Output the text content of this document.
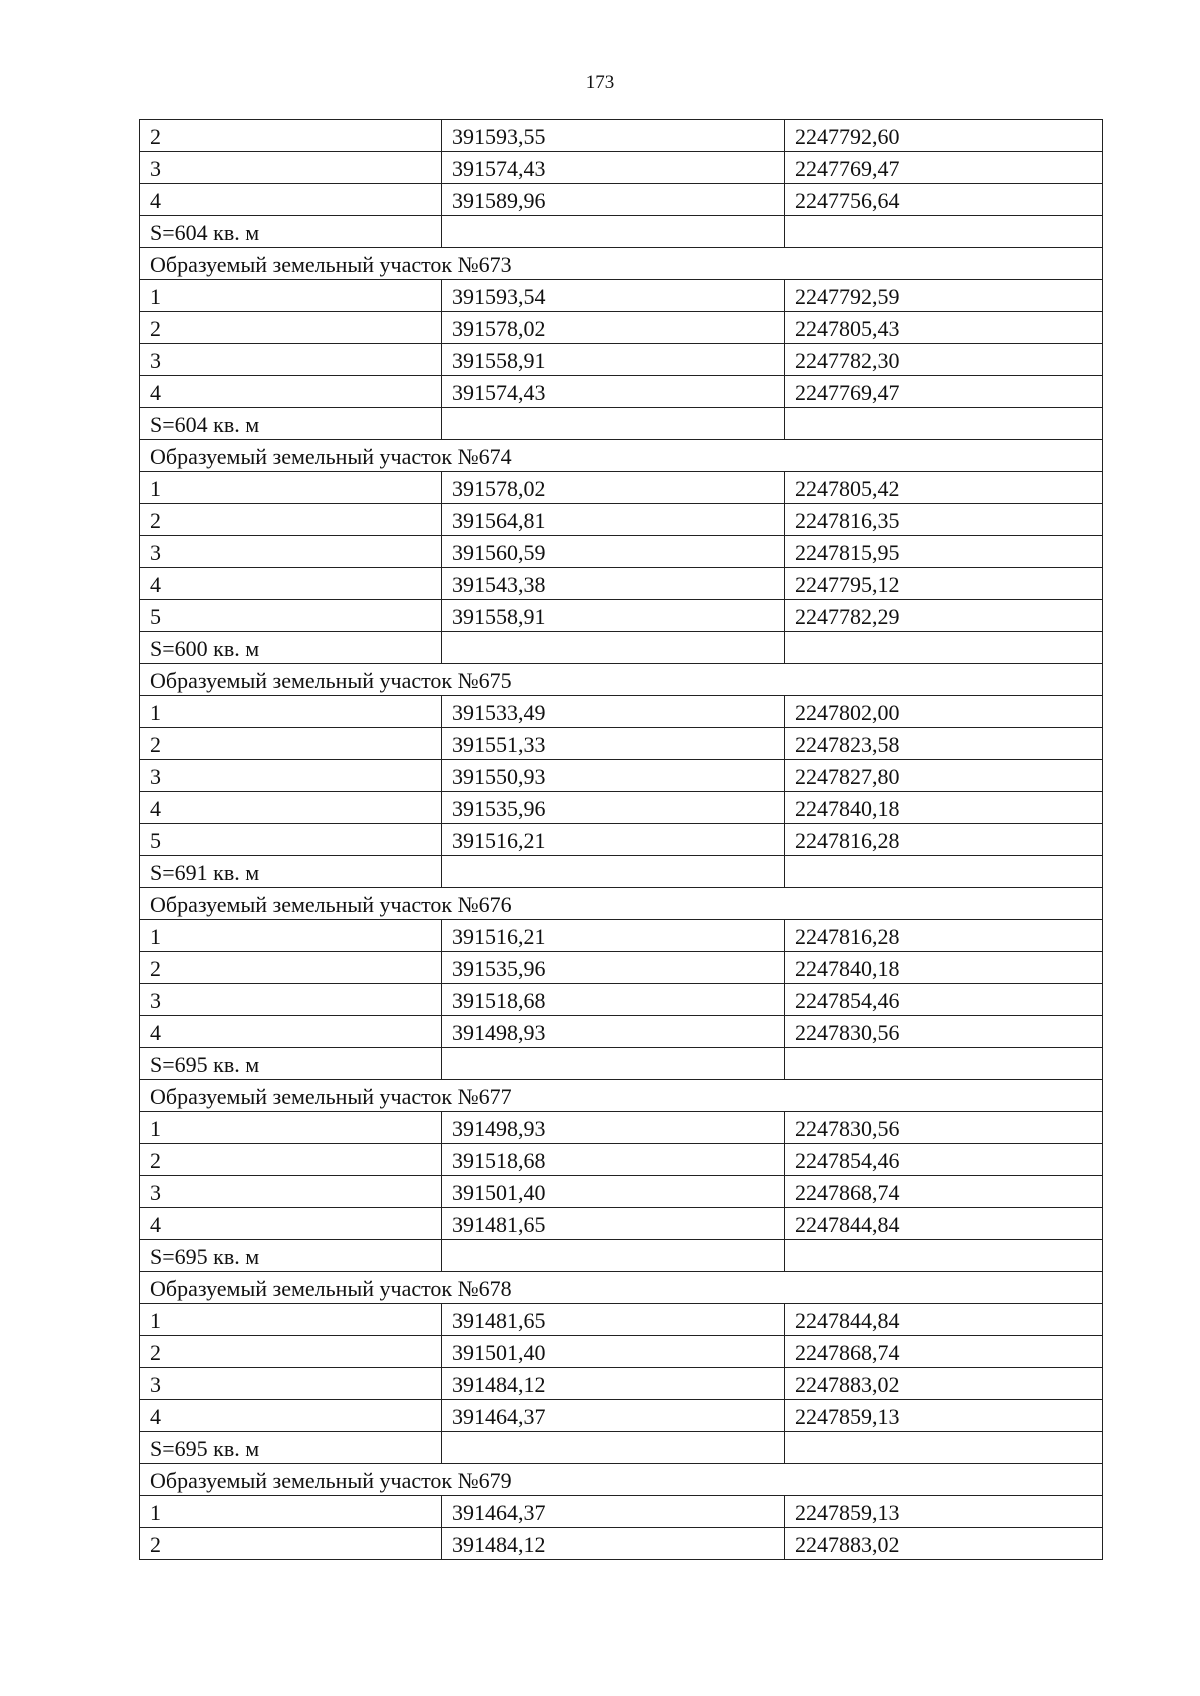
173
2	391593,55	2247792,60
3	391574,43	2247769,47
4	391589,96	2247756,64
S=604 кв. м		
Образуемый земельный участок №673		
1	391593,54	2247792,59
2	391578,02	2247805,43
3	391558,91	2247782,30
4	391574,43	2247769,47
S=604 кв. м		
Образуемый земельный участок №674		
1	391578,02	2247805,42
2	391564,81	2247816,35
3	391560,59	2247815,95
4	391543,38	2247795,12
5	391558,91	2247782,29
S=600 кв. м		
Образуемый земельный участок №675		
1	391533,49	2247802,00
2	391551,33	2247823,58
3	391550,93	2247827,80
4	391535,96	2247840,18
5	391516,21	2247816,28
S=691 кв. м		
Образуемый земельный участок №676		
1	391516,21	2247816,28
2	391535,96	2247840,18
3	391518,68	2247854,46
4	391498,93	2247830,56
S=695 кв. м		
Образуемый земельный участок №677		
1	391498,93	2247830,56
2	391518,68	2247854,46
3	391501,40	2247868,74
4	391481,65	2247844,84
S=695 кв. м		
Образуемый земельный участок №678		
1	391481,65	2247844,84
2	391501,40	2247868,74
3	391484,12	2247883,02
4	391464,37	2247859,13
S=695 кв. м		
Образуемый земельный участок №679		
1	391464,37	2247859,13
2	391484,12	2247883,02
